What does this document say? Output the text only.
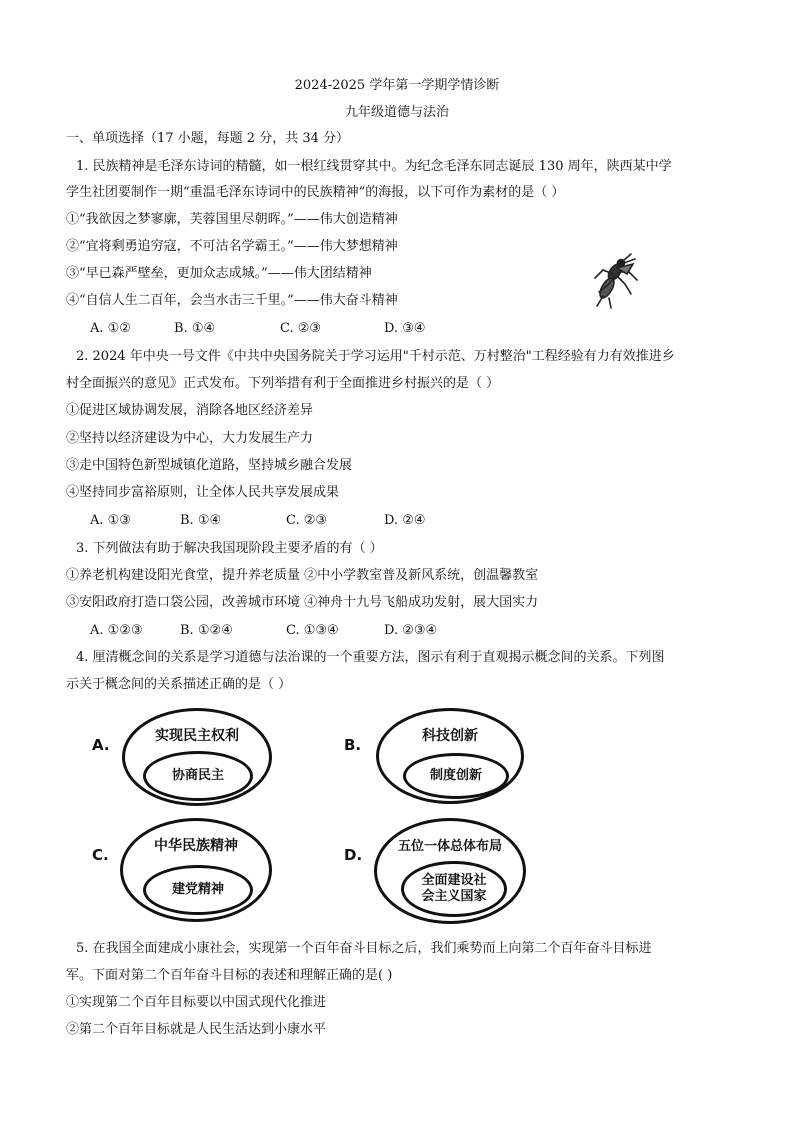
2024-2025 学年第一学期学情诊断
九年级道德与法治
一、单项选择（17 小题，每题 2 分，共 34 分）
1. 民族精神是毛泽东诗词的精髓，如一根红线贯穿其中。为纪念毛泽东同志诞辰 130 周年，陕西某中学
学生社团要制作一期“重温毛泽东诗词中的民族精神”的海报，以下可作为素材的是（ ）
①“我欲因之梦寥廓，芙蓉国里尽朝晖。”——伟大创造精神
②“宜将剩勇追穷寇，不可沽名学霸王。”——伟大梦想精神
③“早已森严壁垒，更加众志成城。”——伟大团结精神
④“自信人生二百年，会当水击三千里。”——伟大奋斗精神
A. ①②	B. ①④	C. ②③	D. ③④
2. 2024 年中央一号文件《中共中央国务院关于学习运用"千村示范、万村整治"工程经验有力有效推进乡
村全面振兴的意见》正式发布。下列举措有利于全面推进乡村振兴的是（ ）
①促进区域协调发展，消除各地区经济差异
②坚持以经济建设为中心，大力发展生产力
③走中国特色新型城镇化道路，坚持城乡融合发展
④坚持同步富裕原则，让全体人民共享发展成果
A. ①③	B. ①④	C. ②③	D. ②④
3. 下列做法有助于解决我国现阶段主要矛盾的有（ ）
①养老机构建设阳光食堂，提升养老质量 ②中小学教室普及新风系统，创温馨教室
③安阳政府打造口袋公园，改善城市环境 ④神舟十九号飞船成功发射，展大国实力
A. ①②③	B. ①②④	C. ①③④	D. ②③④
4. 厘清概念间的关系是学习道德与法治课的一个重要方法，图示有利于直观揭示概念间的关系。下列图
示关于概念间的关系描述正确的是（ ）
A.	实现民主权利
协商民主
B.	科技创新
制度创新
C.	中华民族精神
建党精神
D.	五位一体总体布局
全面建设社
会主义国家
5. 在我国全面建成小康社会，实现第一个百年奋斗目标之后，我们乘势而上向第二个百年奋斗目标进
军。下面对第二个百年奋斗目标的表述和理解正确的是( )
①实现第二个百年目标要以中国式现代化推进
②第二个百年目标就是人民生活达到小康水平
